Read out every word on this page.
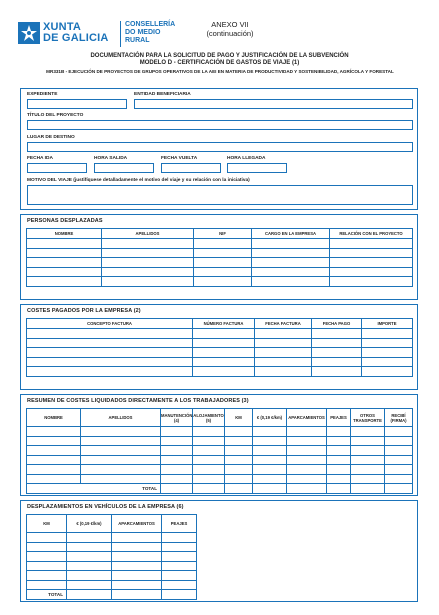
XUNTA
DE GALICIA
CONSELLERÍA
DO MEDIO
RURAL
ANEXO VII
(continuación)
DOCUMENTACIÓN PARA LA SOLICITUD DE PAGO Y JUSTIFICACIÓN DE LA SUBVENCIÓN
MODELO D - CERTIFICACIÓN DE GASTOS DE VIAJE (1)
MR331B - EJECUCIÓN DE PROYECTOS DE GRUPOS OPERATIVOS DE LA AEI EN MATERIA DE PRODUCTIVIDAD Y SOSTENIBILIDAD, AGRÍCOLA Y FORESTAL
EXPEDIENTE	ENTIDAD BENEFICIARIA
TÍTULO DEL PROYECTO
LUGAR DE DESTINO
FECHA IDA	HORA SALIDA	FECHA VUELTA	HORA LLEGADA
MOTIVO DEL VIAJE (justifíquese detalladamente el motivo del viaje y su relación con la iniciativa)
PERSONAS DESPLAZADAS
NOMBRE	APELLIDOS	NIF	CARGO EN LA EMPRESA	RELACIÓN CON EL PROYECTO

COSTES PAGADOS POR LA EMPRESA (2)
CONCEPTO FACTURA	NÚMERO FACTURA	FECHA FACTURA	FECHA PAGO	IMPORTE

RESUMEN DE COSTES LIQUIDADOS DIRECTAMENTE A LOS TRABAJADORES (3)
NOMBRE	APELLIDOS	MANUTENCIÓN (4)	ALOJAMIENTO (5)	KM	€ (0,19 €/km)	APARCAMIENTOS	PEAJES	OTROS TRANSPORTE	RECIBÍ (FIRMA)

TOTAL									
DESPLAZAMIENTOS EN VEHÍCULOS DE LA EMPRESA (6)
KM	€ (0,19 €/km)	APARCAMIENTOS	PEAJES

TOTAL			
